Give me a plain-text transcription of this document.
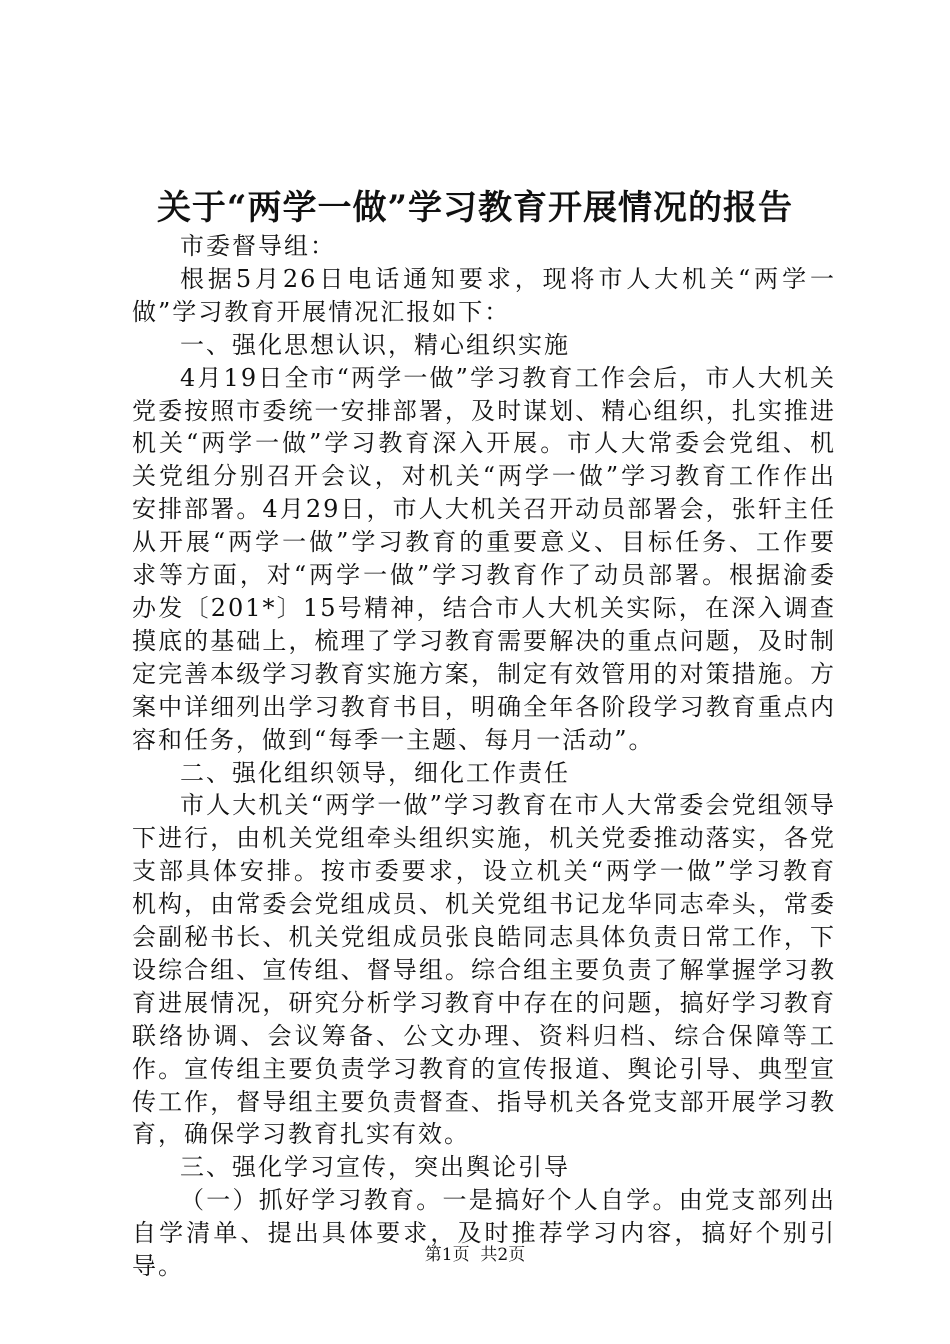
关于“两学一做”学习教育开展情况的报告

市委督导组：

根据5月26日电话通知要求，现将市人大机关“两学一做”学习教育开展情况汇报如下：

一、强化思想认识，精心组织实施

4月19日全市“两学一做”学习教育工作会后，市人大机关党委按照市委统一安排部署，及时谋划、精心组织，扎实推进机关“两学一做”学习教育深入开展。市人大常委会党组、机关党组分别召开会议，对机关“两学一做”学习教育工作作出安排部署。4月29日，市人大机关召开动员部署会，张轩主任从开展“两学一做”学习教育的重要意义、目标任务、工作要求等方面，对“两学一做”学习教育作了动员部署。根据渝委办发〔201*〕15号精神，结合市人大机关实际，在深入调查摸底的基础上，梳理了学习教育需要解决的重点问题，及时制定完善本级学习教育实施方案，制定有效管用的对策措施。方案中详细列出学习教育书目，明确全年各阶段学习教育重点内容和任务，做到“每季一主题、每月一活动”。

二、强化组织领导，细化工作责任

市人大机关“两学一做”学习教育在市人大常委会党组领导下进行，由机关党组牵头组织实施，机关党委推动落实，各党支部具体安排。按市委要求，设立机关“两学一做”学习教育机构，由常委会党组成员、机关党组书记龙华同志牵头，常委会副秘书长、机关党组成员张良皓同志具体负责日常工作，下设综合组、宣传组、督导组。综合组主要负责了解掌握学习教育进展情况，研究分析学习教育中存在的问题，搞好学习教育联络协调、会议筹备、公文办理、资料归档、综合保障等工作。宣传组主要负责学习教育的宣传报道、舆论引导、典型宣传工作，督导组主要负责督查、指导机关各党支部开展学习教育，确保学习教育扎实有效。

三、强化学习宣传，突出舆论引导

（一）抓好学习教育。一是搞好个人自学。由党支部列出自学清单、提出具体要求，及时推荐学习内容，搞好个别引导。	第1页  共2页
